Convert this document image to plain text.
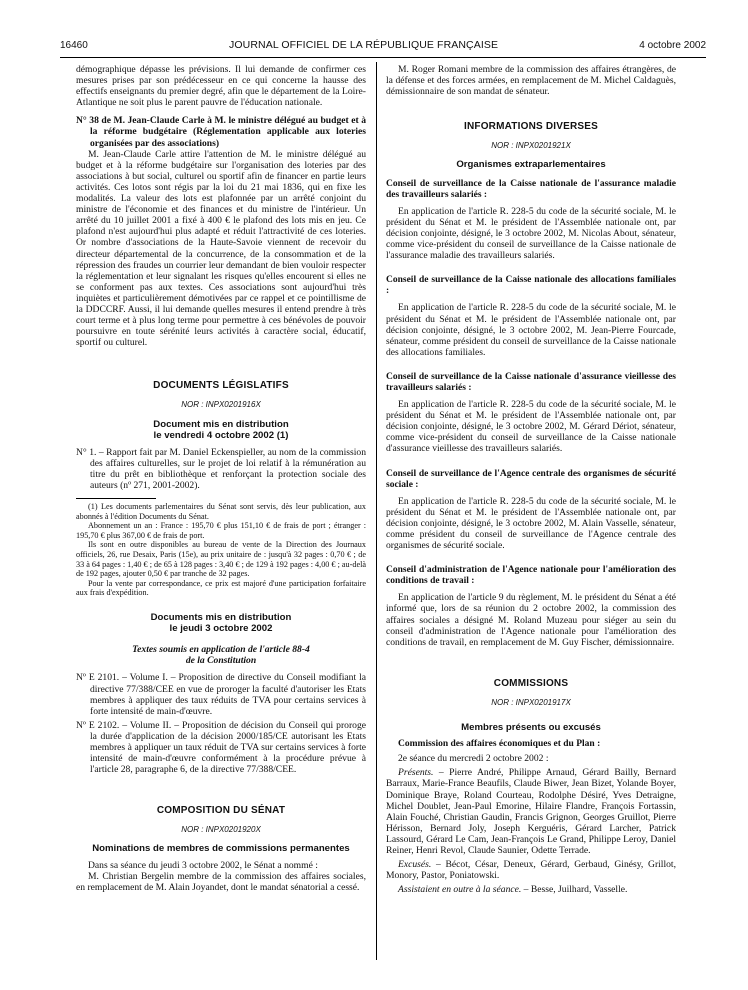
16460	JOURNAL OFFICIEL DE LA RÉPUBLIQUE FRANÇAISE	4 octobre 2002

démographique dépasse les prévisions. Il lui demande de confirmer ces mesures prises par son prédécesseur en ce qui concerne la hausse des effectifs enseignants du premier degré, afin que le département de la Loire-Atlantique ne soit plus le parent pauvre de l'éducation nationale.

N° 38 de M. Jean-Claude Carle à M. le ministre délégué au budget et à la réforme budgétaire (Réglementation applicable aux loteries organisées par des associations)

M. Jean-Claude Carle attire l'attention de M. le ministre délégué au budget et à la réforme budgétaire sur l'organisation des loteries par des associations à but social, culturel ou sportif afin de financer en partie leurs activités. Ces lotos sont régis par la loi du 21 mai 1836, qui en fixe les modalités. La valeur des lots est plafonnée par un arrêté conjoint du ministre de l'économie et des finances et du ministre de l'intérieur. Un arrêté du 10 juillet 2001 a fixé à 400 € le plafond des lots mis en jeu. Ce plafond n'est aujourd'hui plus adapté et réduit l'attractivité de ces loteries. Or nombre d'associations de la Haute-Savoie viennent de recevoir du directeur départemental de la concurrence, de la consommation et de la répression des fraudes un courrier leur demandant de bien vouloir respecter la réglementation et leur signalant les risques qu'elles encourent si elles ne se conforment pas aux textes. Ces associations sont aujourd'hui très inquiètes et particulièrement démotivées par ce rappel et ce pointillisme de la DDCCRF. Aussi, il lui demande quelles mesures il entend prendre à très court terme et à plus long terme pour permettre à ces bénévoles de pouvoir poursuivre en toute sérénité leurs activités à caractère social, éducatif, sportif ou culturel.

DOCUMENTS LÉGISLATIFS

NOR : INPX0201916X

Document mis en distribution

le vendredi 4 octobre 2002 (1)

N° 1. – Rapport fait par M. Daniel Eckenspieller, au nom de la commission des affaires culturelles, sur le projet de loi relatif à la rémunération au titre du prêt en bibliothèque et renforçant la protection sociale des auteurs (nº 271, 2001-2002).

(1) Les documents parlementaires du Sénat sont servis, dès leur publication, aux abonnés à l'édition Documents du Sénat.

Abonnement un an : France : 195,70 € plus 151,10 € de frais de port ; étranger : 195,70 € plus 367,00 € de frais de port.

Ils sont en outre disponibles au bureau de vente de la Direction des Journaux officiels, 26, rue Desaix, Paris (15e), au prix unitaire de : jusqu'à 32 pages : 0,70 € ; de 33 à 64 pages : 1,40 € ; de 65 à 128 pages : 3,40 € ; de 129 à 192 pages : 4,00 € ; au-delà de 192 pages, ajouter 0,50 € par tranche de 32 pages.

Pour la vente par correspondance, ce prix est majoré d'une participation forfaitaire aux frais d'expédition.

Documents mis en distribution

le jeudi 3 octobre 2002

Textes soumis en application de l'article 88-4

de la Constitution

Nº E 2101. – Volume I. – Proposition de directive du Conseil modifiant la directive 77/388/CEE en vue de proroger la faculté d'autoriser les Etats membres à appliquer des taux réduits de TVA pour certains services à forte intensité de main-d'œuvre.

Nº E 2102. – Volume II. – Proposition de décision du Conseil qui proroge la durée d'application de la décision 2000/185/CE autorisant les Etats membres à appliquer un taux réduit de TVA sur certains services à forte intensité de main-d'œuvre conformément à la procédure prévue à l'article 28, paragraphe 6, de la directive 77/388/CEE.

COMPOSITION DU SÉNAT

NOR : INPX0201920X

Nominations de membres de commissions permanentes

Dans sa séance du jeudi 3 octobre 2002, le Sénat a nommé :

M. Christian Bergelin membre de la commission des affaires sociales, en remplacement de M. Alain Joyandet, dont le mandat sénatorial a cessé.

M. Roger Romani membre de la commission des affaires étrangères, de la défense et des forces armées, en remplacement de M. Michel Caldaguès, démissionnaire de son mandat de sénateur.

INFORMATIONS DIVERSES

NOR : INPX0201921X

Organismes extraparlementaires

Conseil de surveillance de la Caisse nationale de l'assurance maladie des travailleurs salariés :

En application de l'article R. 228-5 du code de la sécurité sociale, M. le président du Sénat et M. le président de l'Assemblée nationale ont, par décision conjointe, désigné, le 3 octobre 2002, M. Nicolas About, sénateur, comme vice-président du conseil de surveillance de la Caisse nationale de l'assurance maladie des travailleurs salariés.

Conseil de surveillance de la Caisse nationale des allocations familiales :

En application de l'article R. 228-5 du code de la sécurité sociale, M. le président du Sénat et M. le président de l'Assemblée nationale ont, par décision conjointe, désigné, le 3 octobre 2002, M. Jean-Pierre Fourcade, sénateur, comme président du conseil de surveillance de la Caisse nationale des allocations familiales.

Conseil de surveillance de la Caisse nationale d'assurance vieillesse des travailleurs salariés :

En application de l'article R. 228-5 du code de la sécurité sociale, M. le président du Sénat et M. le président de l'Assemblée nationale ont, par décision conjointe, désigné, le 3 octobre 2002, M. Gérard Dériot, sénateur, comme vice-président du conseil de surveillance de la Caisse nationale d'assurance vieillesse des travailleurs salariés.

Conseil de surveillance de l'Agence centrale des organismes de sécurité sociale :

En application de l'article R. 228-5 du code de la sécurité sociale, M. le président du Sénat et M. le président de l'Assemblée nationale ont, par décision conjointe, désigné, le 3 octobre 2002, M. Alain Vasselle, sénateur, comme président du conseil de surveillance de l'Agence centrale des organismes de sécurité sociale.

Conseil d'administration de l'Agence nationale pour l'amélioration des conditions de travail :

En application de l'article 9 du règlement, M. le président du Sénat a été informé que, lors de sa réunion du 2 octobre 2002, la commission des affaires sociales a désigné M. Roland Muzeau pour siéger au sein du conseil d'administration de l'Agence nationale pour l'amélioration des conditions de travail, en remplacement de M. Guy Fischer, démissionnaire.

COMMISSIONS

NOR : INPX0201917X

Membres présents ou excusés

Commission des affaires économiques et du Plan :

2e séance du mercredi 2 octobre 2002 :

Présents. – Pierre André, Philippe Arnaud, Gérard Bailly, Bernard Barraux, Marie-France Beaufils, Claude Biwer, Jean Bizet, Yolande Boyer, Dominique Braye, Roland Courteau, Rodolphe Désiré, Yves Detraigne, Michel Doublet, Jean-Paul Emorine, Hilaire Flandre, François Fortassin, Alain Fouché, Christian Gaudin, Francis Grignon, Georges Gruillot, Pierre Hérisson, Bernard Joly, Joseph Kerguéris, Gérard Larcher, Patrick Lassourd, Gérard Le Cam, Jean-François Le Grand, Philippe Leroy, Daniel Reiner, Henri Revol, Claude Saunier, Odette Terrade.

Excusés. – Bécot, César, Deneux, Gérard, Gerbaud, Ginésy, Grillot, Monory, Pastor, Poniatowski.

Assistaient en outre à la séance. – Besse, Juilhard, Vasselle.
